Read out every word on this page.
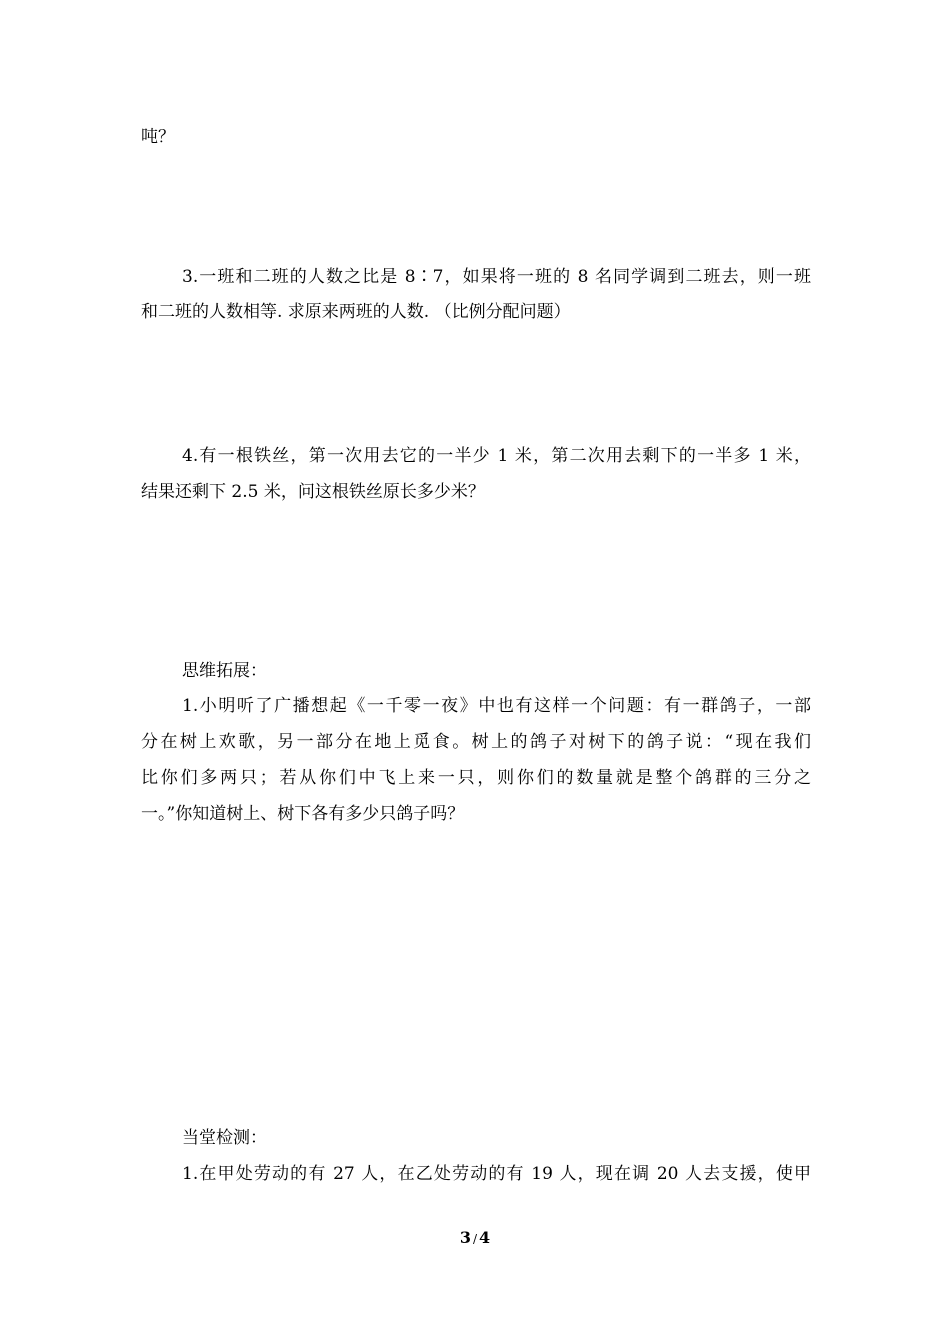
吨？
3.一班和二班的人数之比是 8∶7，如果将一班的 8 名同学调到二班去，则一班
和二班的人数相等. 求原来两班的人数. （比例分配问题）
4.有一根铁丝，第一次用去它的一半少 1 米，第二次用去剩下的一半多 1 米，
结果还剩下 2.5 米，问这根铁丝原长多少米？
思维拓展：
1.小明听了广播想起《一千零一夜》中也有这样一个问题：有一群鸽子，一部
分在树上欢歌，另一部分在地上觅食。树上的鸽子对树下的鸽子说：“现在我们
比你们多两只；若从你们中飞上来一只，则你们的数量就是整个鸽群的三分之
一。”你知道树上、树下各有多少只鸽子吗？
当堂检测：
1.在甲处劳动的有 27 人，在乙处劳动的有 19 人，现在调 20 人去支援，使甲
3 / 4
